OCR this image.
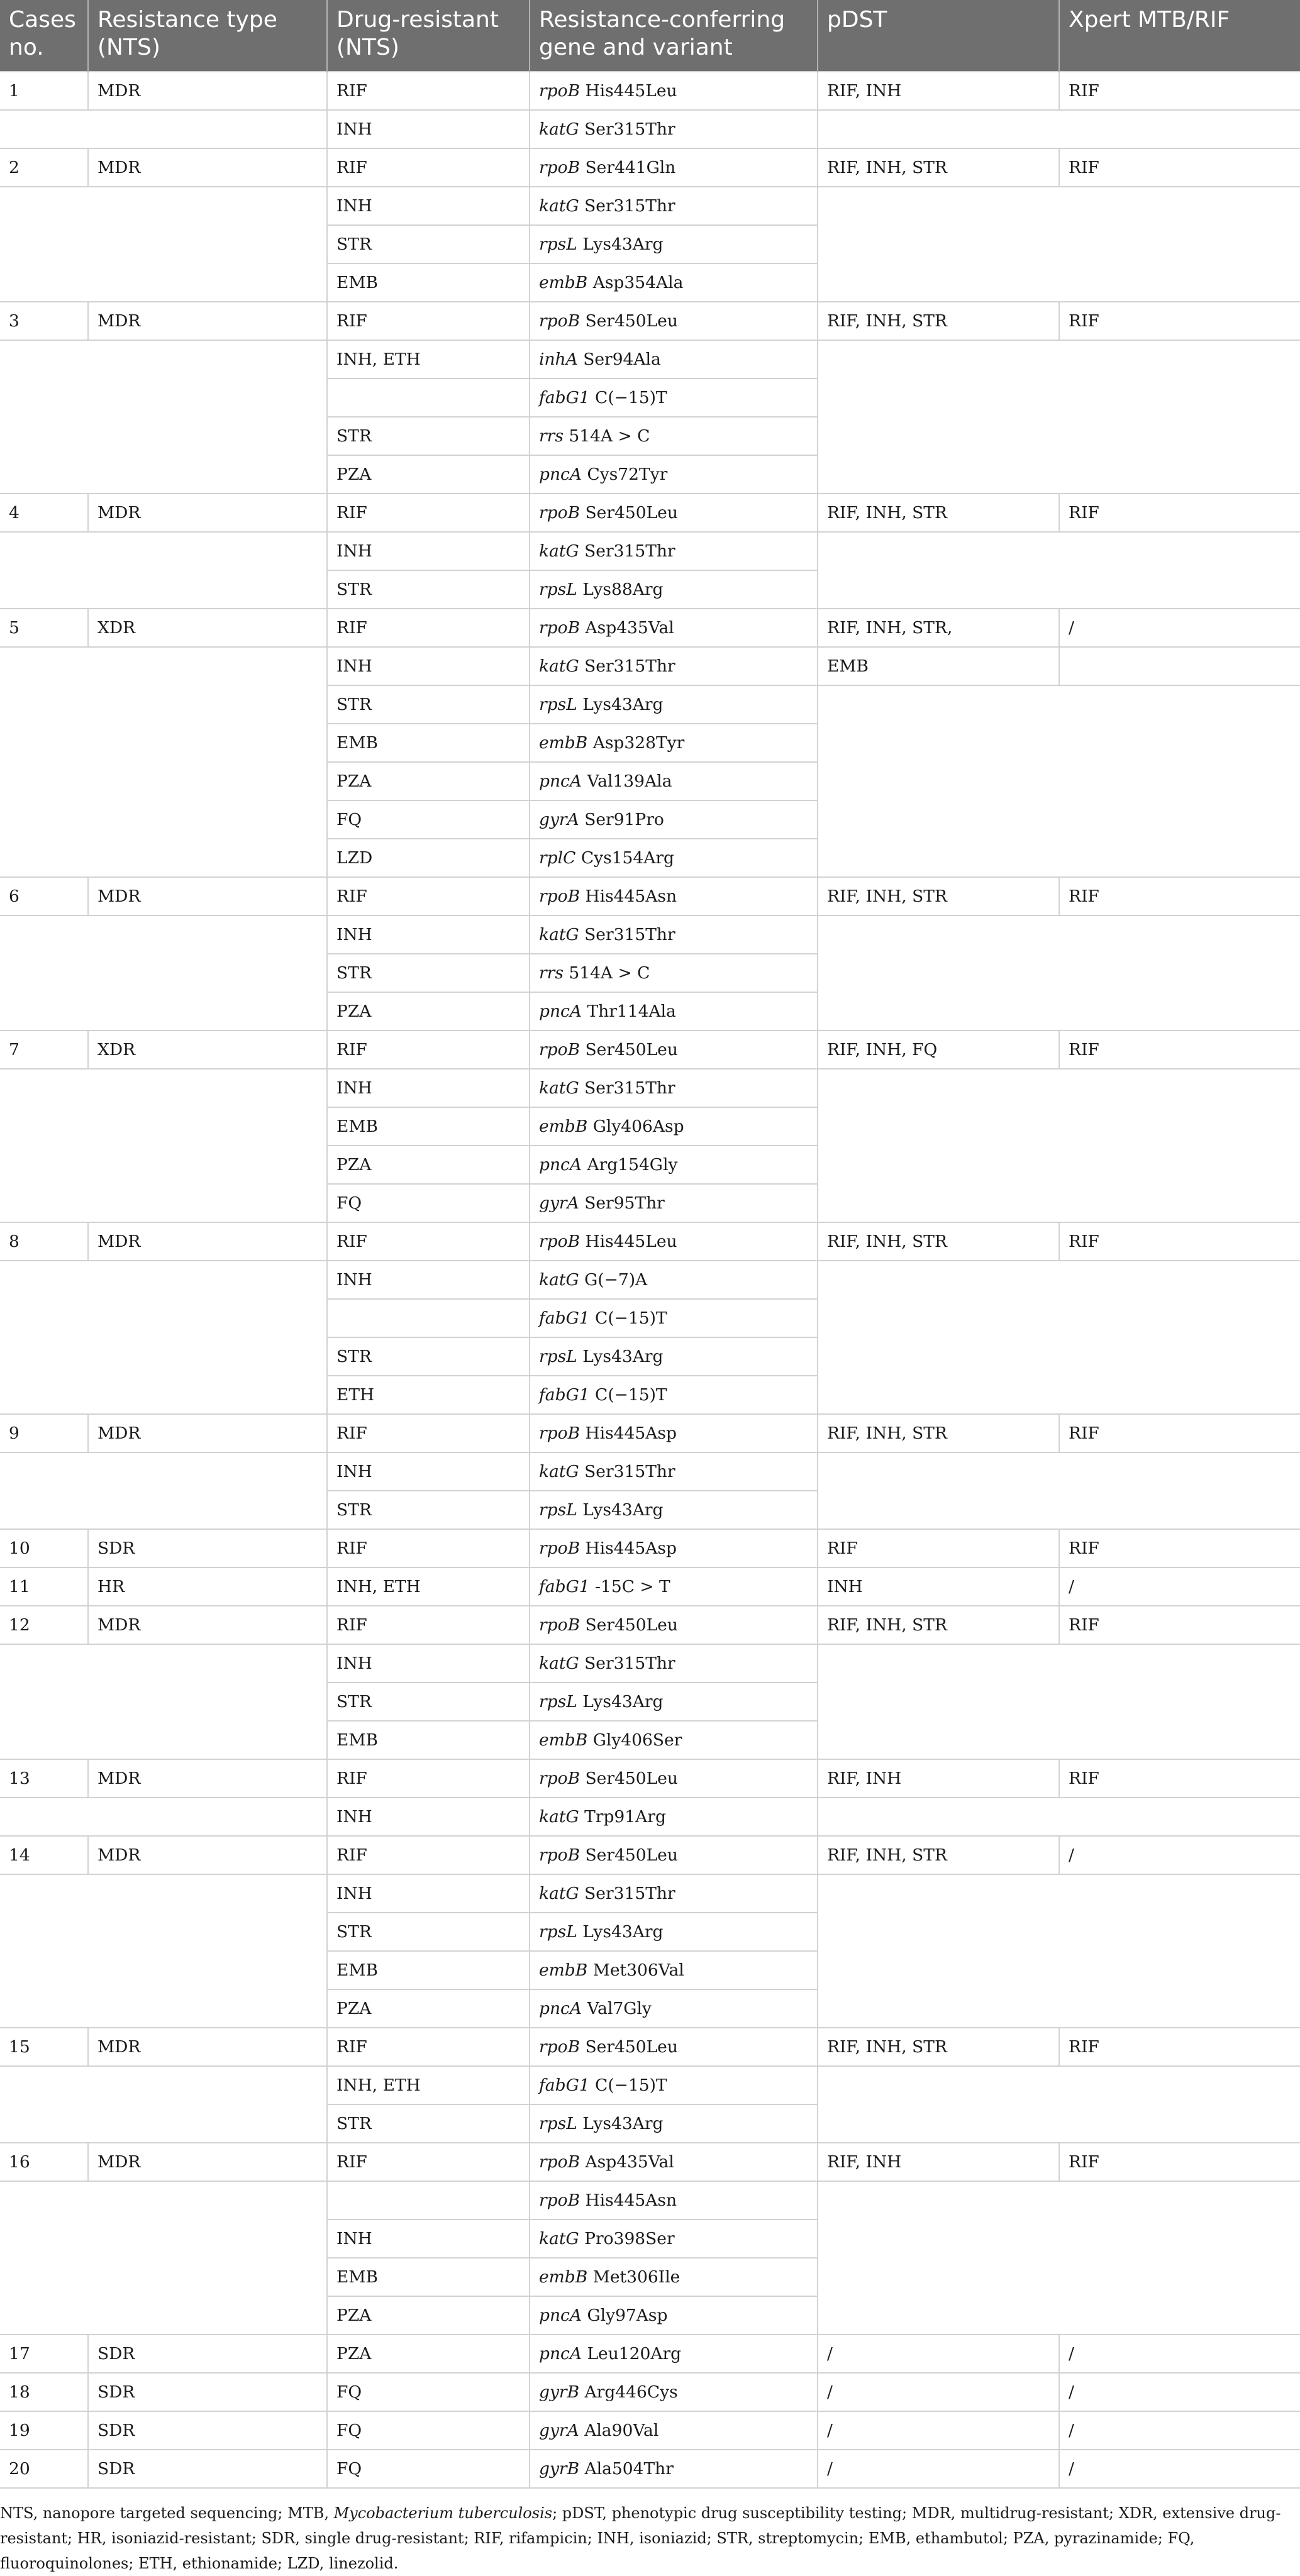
Cases no.	Resistance type (NTS)	Drug-resistant (NTS)	Resistance-conferring gene and variant	pDST	Xpert MTB/RIF
1	MDR	RIF	rpoB His445Leu	RIF, INH	RIF
		INH	katG Ser315Thr		
2	MDR	RIF	rpoB Ser441Gln	RIF, INH, STR	RIF
		INH	katG Ser315Thr		
		STR	rpsL Lys43Arg		
		EMB	embB Asp354Ala		
3	MDR	RIF	rpoB Ser450Leu	RIF, INH, STR	RIF
		INH, ETH	inhA Ser94Ala		
			fabG1 C(−15)T		
		STR	rrs 514A > C		
		PZA	pncA Cys72Tyr		
4	MDR	RIF	rpoB Ser450Leu	RIF, INH, STR	RIF
		INH	katG Ser315Thr		
		STR	rpsL Lys88Arg		
5	XDR	RIF	rpoB Asp435Val	RIF, INH, STR,	/
		INH	katG Ser315Thr	EMB	
		STR	rpsL Lys43Arg		
		EMB	embB Asp328Tyr		
		PZA	pncA Val139Ala		
		FQ	gyrA Ser91Pro		
		LZD	rplC Cys154Arg		
6	MDR	RIF	rpoB His445Asn	RIF, INH, STR	RIF
		INH	katG Ser315Thr		
		STR	rrs 514A > C		
		PZA	pncA Thr114Ala		
7	XDR	RIF	rpoB Ser450Leu	RIF, INH, FQ	RIF
		INH	katG Ser315Thr		
		EMB	embB Gly406Asp		
		PZA	pncA Arg154Gly		
		FQ	gyrA Ser95Thr		
8	MDR	RIF	rpoB His445Leu	RIF, INH, STR	RIF
		INH	katG G(−7)A		
			fabG1 C(−15)T		
		STR	rpsL Lys43Arg		
		ETH	fabG1 C(−15)T		
9	MDR	RIF	rpoB His445Asp	RIF, INH, STR	RIF
		INH	katG Ser315Thr		
		STR	rpsL Lys43Arg		
10	SDR	RIF	rpoB His445Asp	RIF	RIF
11	HR	INH, ETH	fabG1 -15C > T	INH	/
12	MDR	RIF	rpoB Ser450Leu	RIF, INH, STR	RIF
		INH	katG Ser315Thr		
		STR	rpsL Lys43Arg		
		EMB	embB Gly406Ser		
13	MDR	RIF	rpoB Ser450Leu	RIF, INH	RIF
		INH	katG Trp91Arg		
14	MDR	RIF	rpoB Ser450Leu	RIF, INH, STR	/
		INH	katG Ser315Thr		
		STR	rpsL Lys43Arg		
		EMB	embB Met306Val		
		PZA	pncA Val7Gly		
15	MDR	RIF	rpoB Ser450Leu	RIF, INH, STR	RIF
		INH, ETH	fabG1 C(−15)T		
		STR	rpsL Lys43Arg		
16	MDR	RIF	rpoB Asp435Val	RIF, INH	RIF
			rpoB His445Asn		
		INH	katG Pro398Ser		
		EMB	embB Met306Ile		
		PZA	pncA Gly97Asp		
17	SDR	PZA	pncA Leu120Arg	/	/
18	SDR	FQ	gyrB Arg446Cys	/	/
19	SDR	FQ	gyrA Ala90Val	/	/
20	SDR	FQ	gyrB Ala504Thr	/	/

NTS, nanopore targeted sequencing; MTB, Mycobacterium tuberculosis; pDST, phenotypic drug susceptibility testing; MDR, multidrug-resistant; XDR, extensive drug-resistant; HR, isoniazid-resistant; SDR, single drug-resistant; RIF, rifampicin; INH, isoniazid; STR, streptomycin; EMB, ethambutol; PZA, pyrazinamide; FQ, fluoroquinolones; ETH, ethionamide; LZD, linezolid.
